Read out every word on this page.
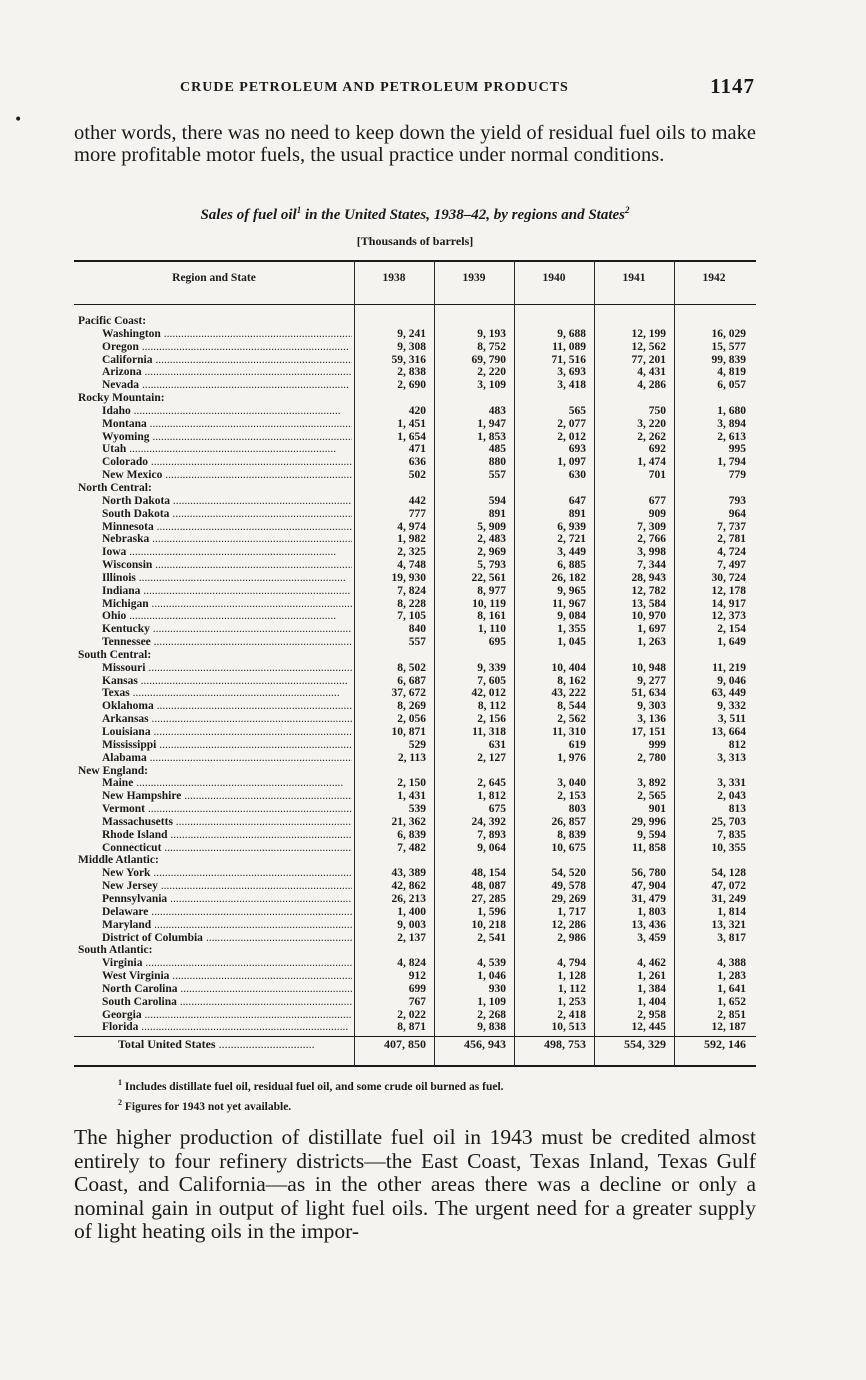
CRUDE PETROLEUM AND PETROLEUM PRODUCTS	1147
•

other words, there was no need to keep down the yield of residual fuel oils to make more profitable motor fuels, the usual practice under normal conditions.

Sales of fuel oil$^1$ in the United States, 1938–42, by regions and States$^2$
[Thousands of barrels]
Region and State	1938	1939	1940	1941	1942
Pacific Coast:
Washington .....	9, 241	9, 193	9, 688	12, 199	16, 029
Oregon .....	9, 308	8, 752	11, 089	12, 562	15, 577
California .....	59, 316	69, 790	71, 516	77, 201	99, 839
Arizona .....	2, 838	2, 220	3, 693	4, 431	4, 819
Nevada .....	2, 690	3, 109	3, 418	4, 286	6, 057
Rocky Mountain:
Idaho .....	420	483	565	750	1, 680
Montana .....	1, 451	1, 947	2, 077	3, 220	3, 894
Wyoming .....	1, 654	1, 853	2, 012	2, 262	2, 613
Utah .....	471	485	693	692	995
Colorado .....	636	880	1, 097	1, 474	1, 794
New Mexico .....	502	557	630	701	779
North Central:
North Dakota .....	442	594	647	677	793
South Dakota .....	777	891	891	909	964
Minnesota .....	4, 974	5, 909	6, 939	7, 309	7, 737
Nebraska .....	1, 982	2, 483	2, 721	2, 766	2, 781
Iowa .....	2, 325	2, 969	3, 449	3, 998	4, 724
Wisconsin .....	4, 748	5, 793	6, 885	7, 344	7, 497
Illinois .....	19, 930	22, 561	26, 182	28, 943	30, 724
Indiana .....	7, 824	8, 977	9, 965	12, 782	12, 178
Michigan .....	8, 228	10, 119	11, 967	13, 584	14, 917
Ohio .....	7, 105	8, 161	9, 084	10, 970	12, 373
Kentucky .....	840	1, 110	1, 355	1, 697	2, 154
Tennessee .....	557	695	1, 045	1, 263	1, 649
South Central:
Missouri .....	8, 502	9, 339	10, 404	10, 948	11, 219
Kansas .....	6, 687	7, 605	8, 162	9, 277	9, 046
Texas .....	37, 672	42, 012	43, 222	51, 634	63, 449
Oklahoma .....	8, 269	8, 112	8, 544	9, 303	9, 332
Arkansas .....	2, 056	2, 156	2, 562	3, 136	3, 511
Louisiana .....	10, 871	11, 318	11, 310	17, 151	13, 664
Mississippi .....	529	631	619	999	812
Alabama .....	2, 113	2, 127	1, 976	2, 780	3, 313
New England:
Maine .....	2, 150	2, 645	3, 040	3, 892	3, 331
New Hampshire .....	1, 431	1, 812	2, 153	2, 565	2, 043
Vermont .....	539	675	803	901	813
Massachusetts .....	21, 362	24, 392	26, 857	29, 996	25, 703
Rhode Island .....	6, 839	7, 893	8, 839	9, 594	7, 835
Connecticut .....	7, 482	9, 064	10, 675	11, 858	10, 355
Middle Atlantic:
New York .....	43, 389	48, 154	54, 520	56, 780	54, 128
New Jersey .....	42, 862	48, 087	49, 578	47, 904	47, 072
Pennsylvania .....	26, 213	27, 285	29, 269	31, 479	31, 249
Delaware .....	1, 400	1, 596	1, 717	1, 803	1, 814
Maryland .....	9, 003	10, 218	12, 286	13, 436	13, 321
District of Columbia .....	2, 137	2, 541	2, 986	3, 459	3, 817
South Atlantic:
Virginia .....	4, 824	4, 539	4, 794	4, 462	4, 388
West Virginia .....	912	1, 046	1, 128	1, 261	1, 283
North Carolina .....	699	930	1, 112	1, 384	1, 641
South Carolina .....	767	1, 109	1, 253	1, 404	1, 652
Georgia .....	2, 022	2, 268	2, 418	2, 958	2, 851
Florida .....	8, 871	9, 838	10, 513	12, 445	12, 187
Total United States .....	407, 850	456, 943	498, 753	554, 329	592, 146
$^1$ Includes distillate fuel oil, residual fuel oil, and some crude oil burned as fuel.
$^2$ Figures for 1943 not yet available.

The higher production of distillate fuel oil in 1943 must be credited almost entirely to four refinery districts—the East Coast, Texas Inland, Texas Gulf Coast, and California—as in the other areas there was a decline or only a nominal gain in output of light fuel oils. The urgent need for a greater supply of light heating oils in the impor-
